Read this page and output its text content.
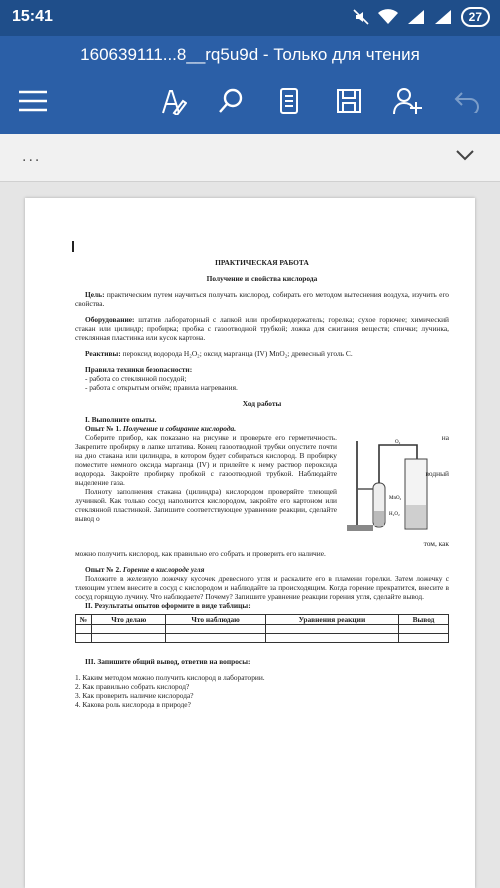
15:41	27
160639111...8__rq5u9d - Только для чтения
...

ПРАКТИЧЕСКАЯ РАБОТА

Получение и свойства кислорода

Цель: практическим путем научиться получать кислород, собирать его методом вытеснения воздуха, изучить его свойства.

Оборудование: штатив лабораторный с лапкой или пробиркодержатель; горелка; сухое горючее; химический стакан или цилиндр; пробирка; пробка с газоотводной трубкой; ложка для сжигания веществ; спички; лучинка, стеклянная пластинка или кусок картона.

Реактивы: пероксид водорода H₂O₂; оксид марганца (IV) MnO₂; древесный уголь С.

Правила техники безопасности:

- работа со стеклянной посудой;

- работа с открытым огнём; правила нагревания.

Ход работы

I. Выполните опыты.

Опыт № 1. Получение и собирание кислорода.

Соберите прибор, как показано на рисунке и проверьте его герметичность. Закрепите пробирку в лапке штатива. Конец газоотводной трубки опустите почти на дно стакана или цилиндра, в котором будет собираться кислород. В пробирку поместите немного оксида марганца (IV) и прилейте к нему раствор пероксида водорода. Закройте пробирку пробкой с газоотводной трубкой. Наблюдайте выделение газа.

Полноту заполнения стакана (цилиндра) кислородом проверяйте тлеющей лучинкой. Как только сосуд наполнится кислородом, закройте его картоном или стеклянной пластинкой. Запишите соответствующее уравнение реакции, сделайте вывод о

O₂
MnO₂
H₂O₂
на
водный
том, как

можно получить кислород, как правильно его собрать и проверить его наличие.

Опыт № 2. Горение в кислороде угля

Положите в железную ложечку кусочек древесного угля и раскалите его в пламени горелки. Затем ложечку с тлеющим углем внесите в сосуд с кислородом и наблюдайте за происходящим. Когда горение прекратится, внесите в сосуд горящую лучину. Что наблюдаете? Почему? Запишите уравнение реакции горения угля, сделайте вывод.

II. Результаты опытов оформите в виде таблицы:

№	Что делаю	Что наблюдаю	Уравнения реакции	Вывод

III. Запишите общий вывод, ответив на вопросы:

1. Каким методом можно получить кислород в лаборатории.

2. Как правильно собрать кислород?

3. Как проверить наличие кислорода?

4. Какова роль кислорода в природе?
